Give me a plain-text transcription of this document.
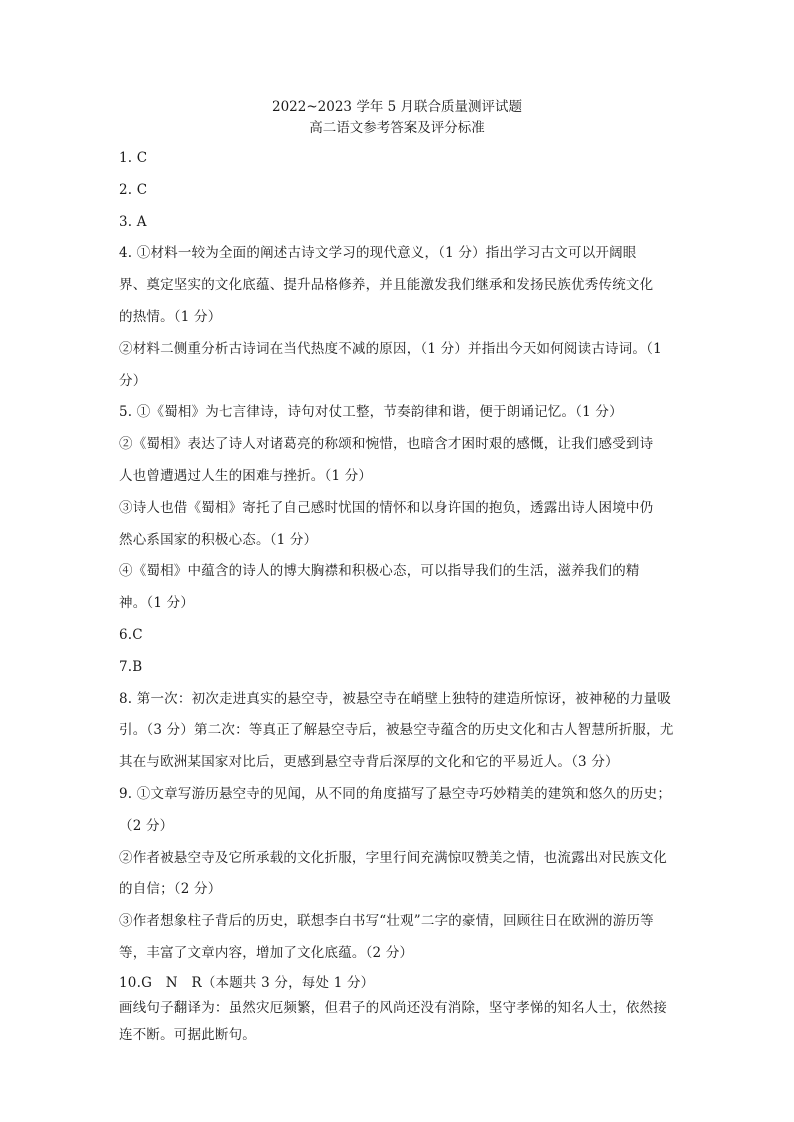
2022~2023 学年 5 月联合质量测评试题
高二语文参考答案及评分标准
1. C
2. C
3. A
4. ①材料一较为全面的阐述古诗文学习的现代意义，（1 分）指出学习古文可以开阔眼
界、奠定坚实的文化底蕴、提升品格修养，并且能激发我们继承和发扬民族优秀传统文化
的热情。（1 分）
②材料二侧重分析古诗词在当代热度不减的原因，（1 分）并指出今天如何阅读古诗词。（1
分）
5. ①《蜀相》为七言律诗，诗句对仗工整，节奏韵律和谐，便于朗诵记忆。（1 分）
②《蜀相》表达了诗人对诸葛亮的称颂和惋惜，也暗含才困时艰的感慨，让我们感受到诗
人也曾遭遇过人生的困难与挫折。（1 分）
③诗人也借《蜀相》寄托了自己感时忧国的情怀和以身许国的抱负，透露出诗人困境中仍
然心系国家的积极心态。（1 分）
④《蜀相》中蕴含的诗人的博大胸襟和积极心态，可以指导我们的生活，滋养我们的精
神。（1 分）
6.C
7.B
8. 第一次：初次走进真实的悬空寺，被悬空寺在峭壁上独特的建造所惊讶，被神秘的力量吸
引。（3 分）第二次：等真正了解悬空寺后，被悬空寺蕴含的历史文化和古人智慧所折服，尤
其在与欧洲某国家对比后，更感到悬空寺背后深厚的文化和它的平易近人。（3 分）
9. ①文章写游历悬空寺的见闻，从不同的角度描写了悬空寺巧妙精美的建筑和悠久的历史；
（2 分）
②作者被悬空寺及它所承载的文化折服，字里行间充满惊叹赞美之情，也流露出对民族文化
的自信；（2 分）
③作者想象柱子背后的历史，联想李白书写“壮观”二字的豪情，回顾往日在欧洲的游历等
等，丰富了文章内容，增加了文化底蕴。（2 分）
10.G　N　R（本题共 3 分，每处 1 分）
画线句子翻译为：虽然灾厄频繁，但君子的风尚还没有消除，坚守孝悌的知名人士，依然接
连不断。可据此断句。
